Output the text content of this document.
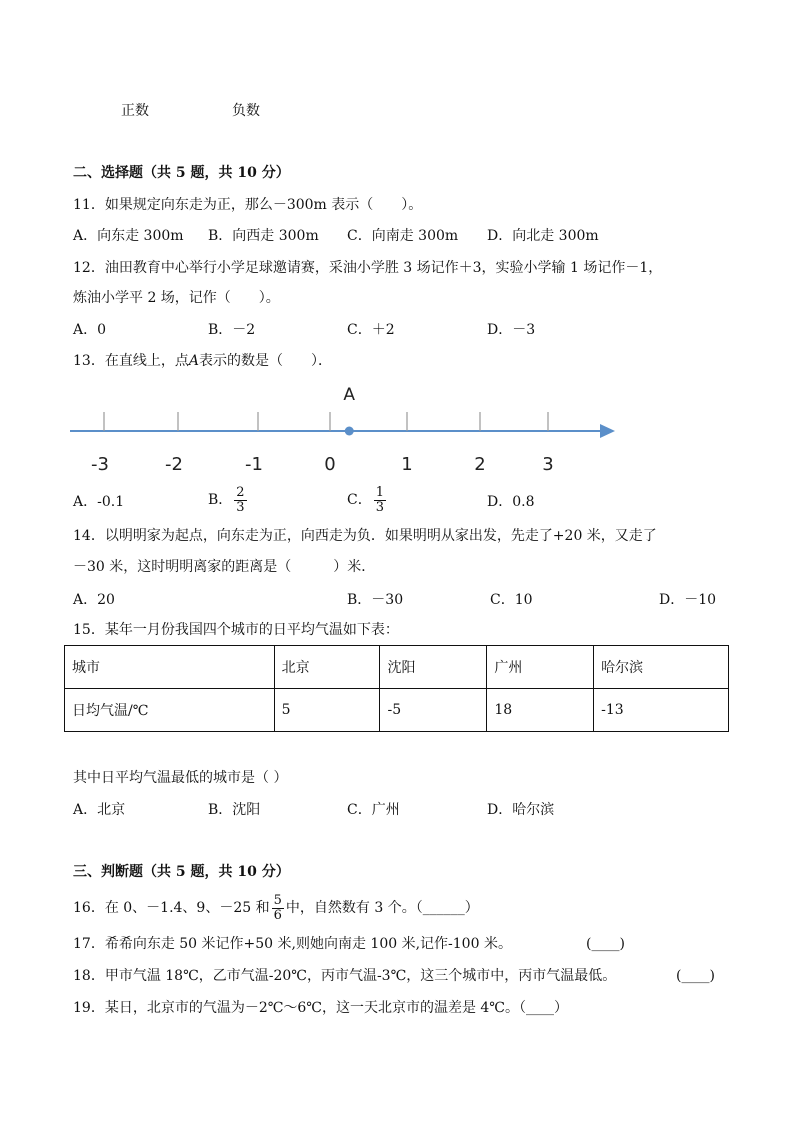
正数	负数
二、选择题（共 5 题，共 10 分）
11．如果规定向东走为正，那么－300m 表示（　　）。
A．向东走 300m B．向西走 300m C．向南走 300m D．向北走 300m
12．油田教育中心举行小学足球邀请赛，采油小学胜 3 场记作＋3，实验小学输 1 场记作－1，
炼油小学平 2 场，记作（　　）。
A．0	B．－2	C．＋2	D．－3
13．在直线上，点A表示的数是（　　）．
A
-3	-2	-1	0	1	2	3
A．-0.1	B． $\frac{2}{3}$	C． $\frac{1}{3}$	D．0.8
14．以明明家为起点，向东走为正，向西走为负．如果明明从家出发，先走了+20 米，又走了
－30 米，这时明明离家的距离是（　　　）米．
A．20	B．－30	C．10	D．－10
15．某年一月份我国四个城市的日平均气温如下表：
城市	北京	沈阳	广州	哈尔滨
日均气温/℃	5	-5	18	-13
其中日平均气温最低的城市是（ ）
A．北京	B．沈阳	C．广州	D．哈尔滨
三、判断题（共 5 题，共 10 分）
16．在 0、－1.4、9、－25 和 $\frac{5}{6}$ 中，自然数有 3 个。（______）
17．希希向东走 50 米记作+50 米,则她向南走 100 米,记作-100 米。	(____)
18．甲市气温 18℃，乙市气温-20℃，丙市气温-3℃，这三个城市中，丙市气温最低。	(____)
19．某日，北京市的气温为－2℃～6℃，这一天北京市的温差是 4℃。（____）
